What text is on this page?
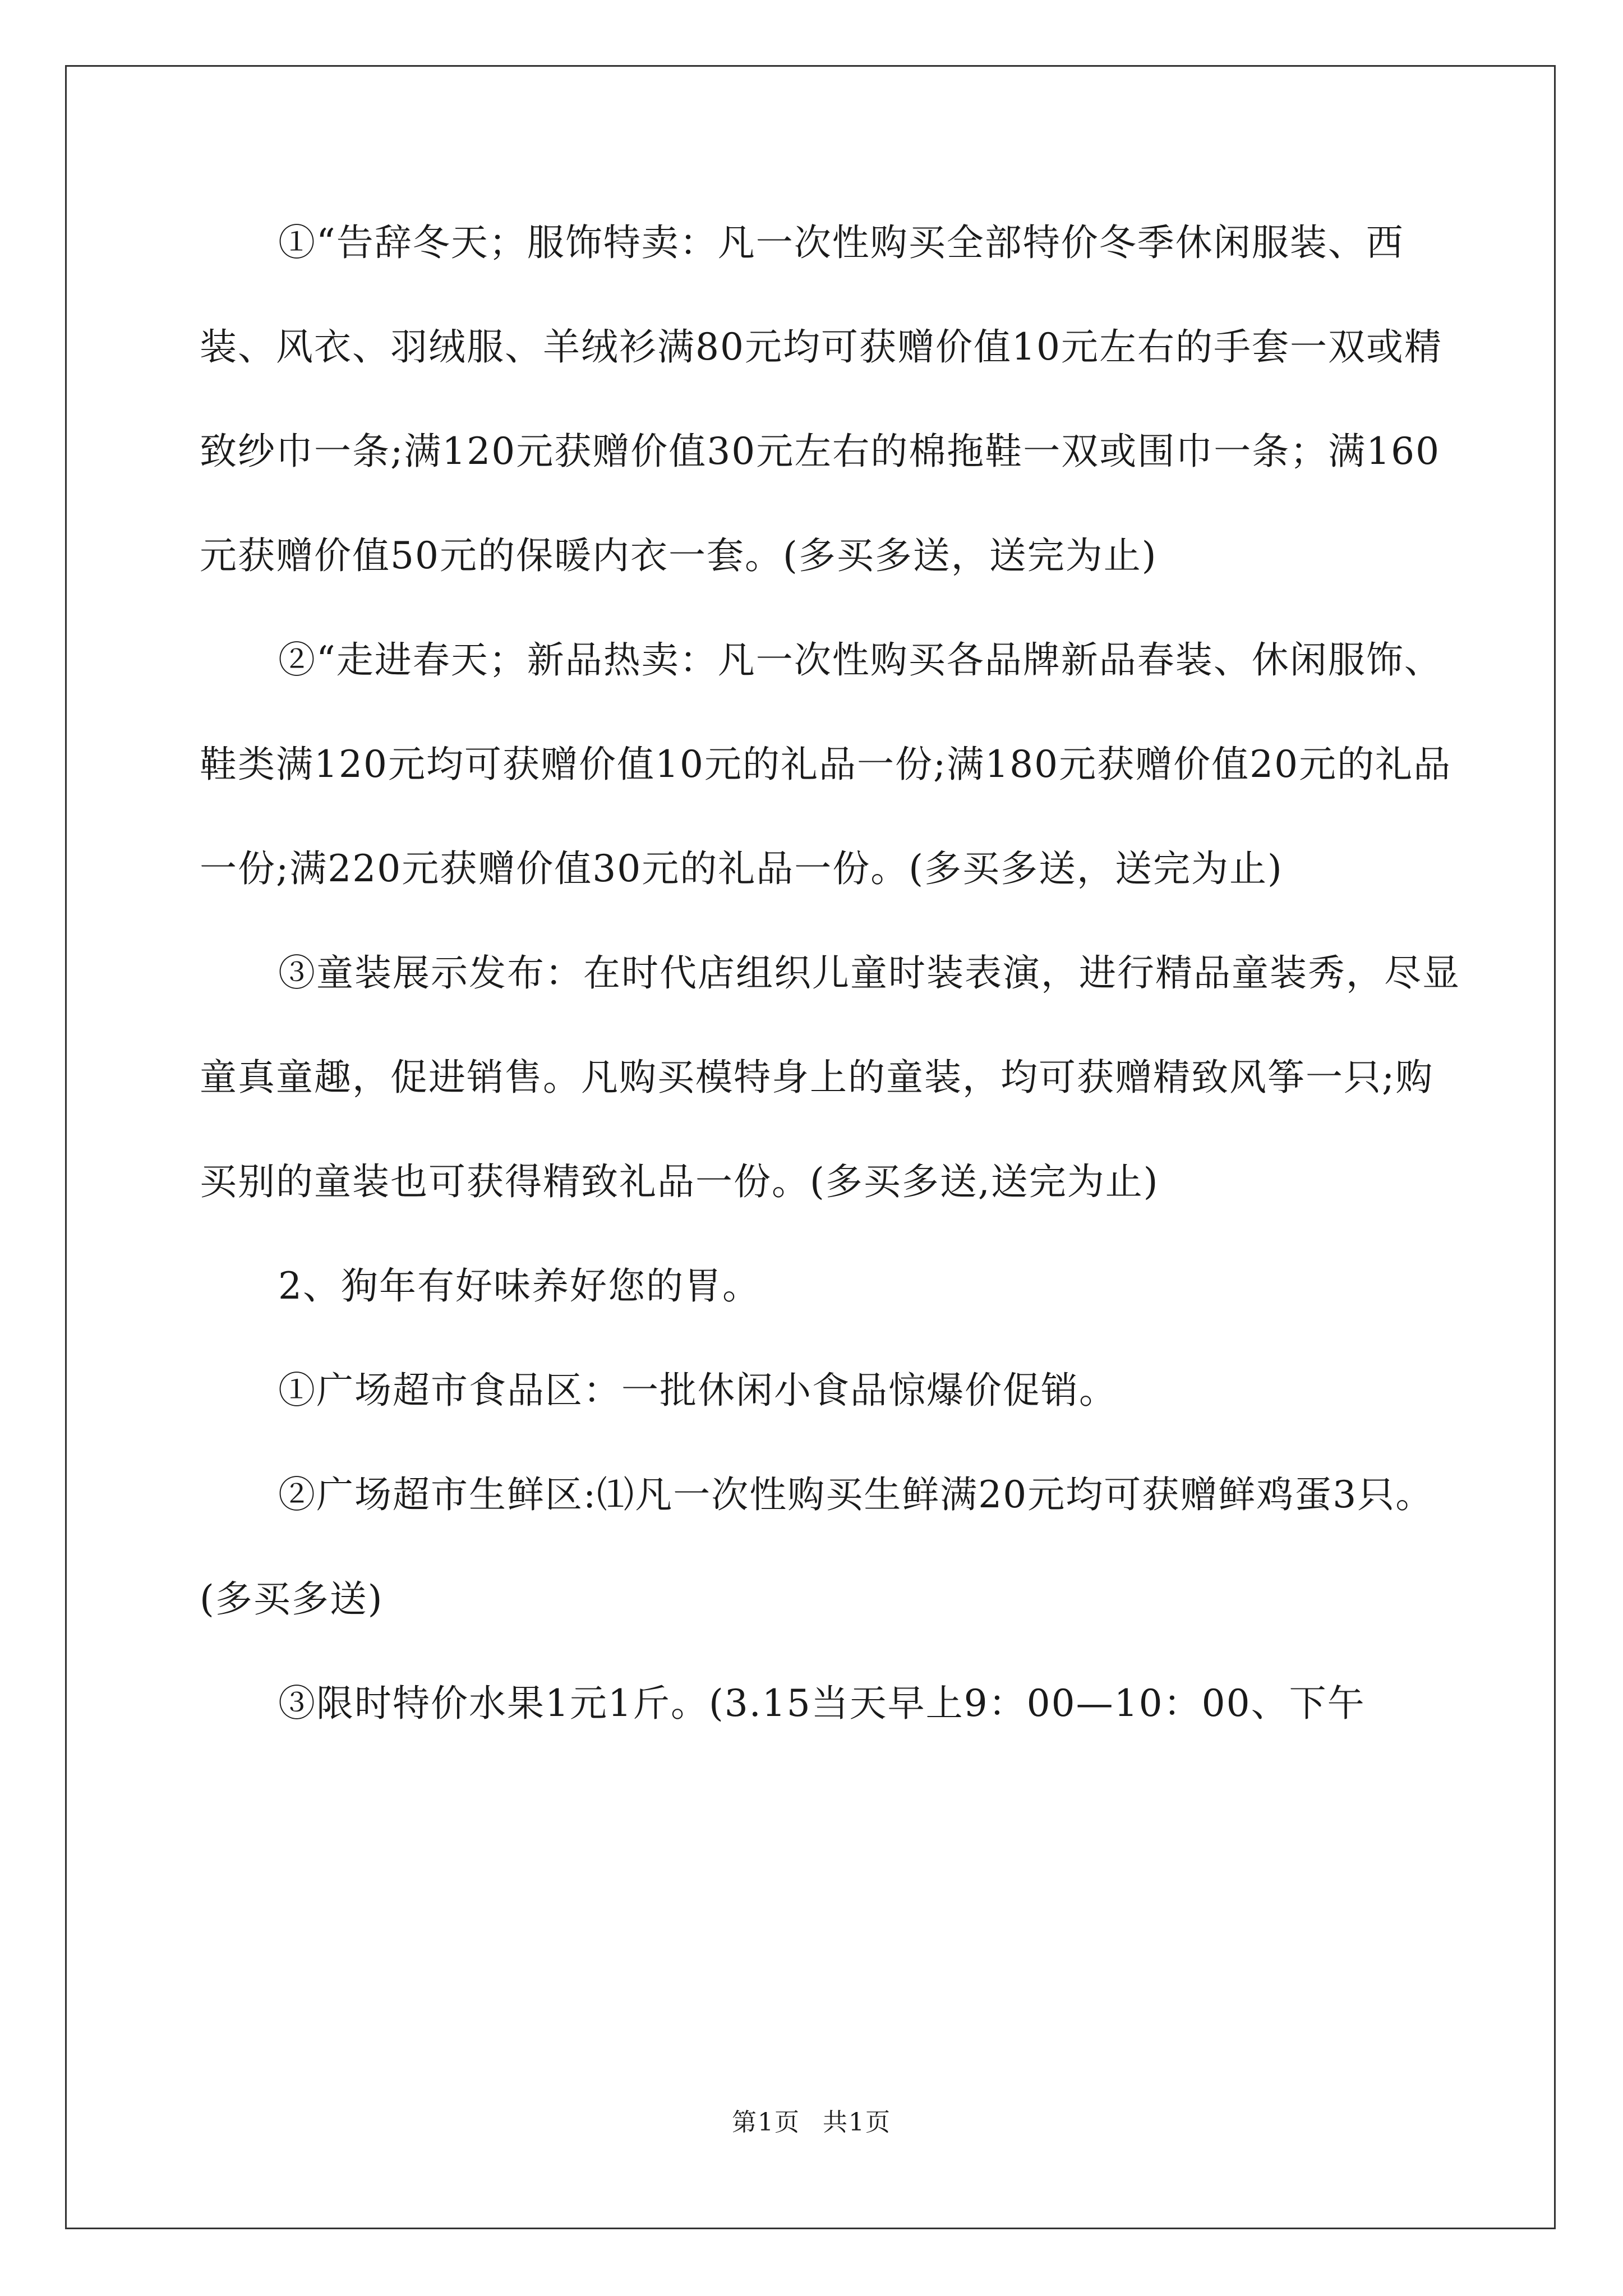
①“告辞冬天；服饰特卖：凡一次性购买全部特价冬季休闲服装、西装、风衣、羽绒服、羊绒衫满80元均可获赠价值10元左右的手套一双或精致纱巾一条;满120元获赠价值30元左右的棉拖鞋一双或围巾一条；满160元获赠价值50元的保暖内衣一套。(多买多送，送完为止)

②“走进春天；新品热卖：凡一次性购买各品牌新品春装、休闲服饰、鞋类满120元均可获赠价值10元的礼品一份;满180元获赠价值20元的礼品一份;满220元获赠价值30元的礼品一份。(多买多送，送完为止)

③童装展示发布：在时代店组织儿童时装表演，进行精品童装秀，尽显童真童趣，促进销售。凡购买模特身上的童装，均可获赠精致风筝一只;购买别的童装也可获得精致礼品一份。(多买多送,送完为止)

2、狗年有好味养好您的胃。

①广场超市食品区：一批休闲小食品惊爆价促销。

②广场超市生鲜区:⑴凡一次性购买生鲜满20元均可获赠鲜鸡蛋3只。(多买多送)

③限时特价水果1元1斤。(3.15当天早上9：00—10：00、下午

第1页 共1页
